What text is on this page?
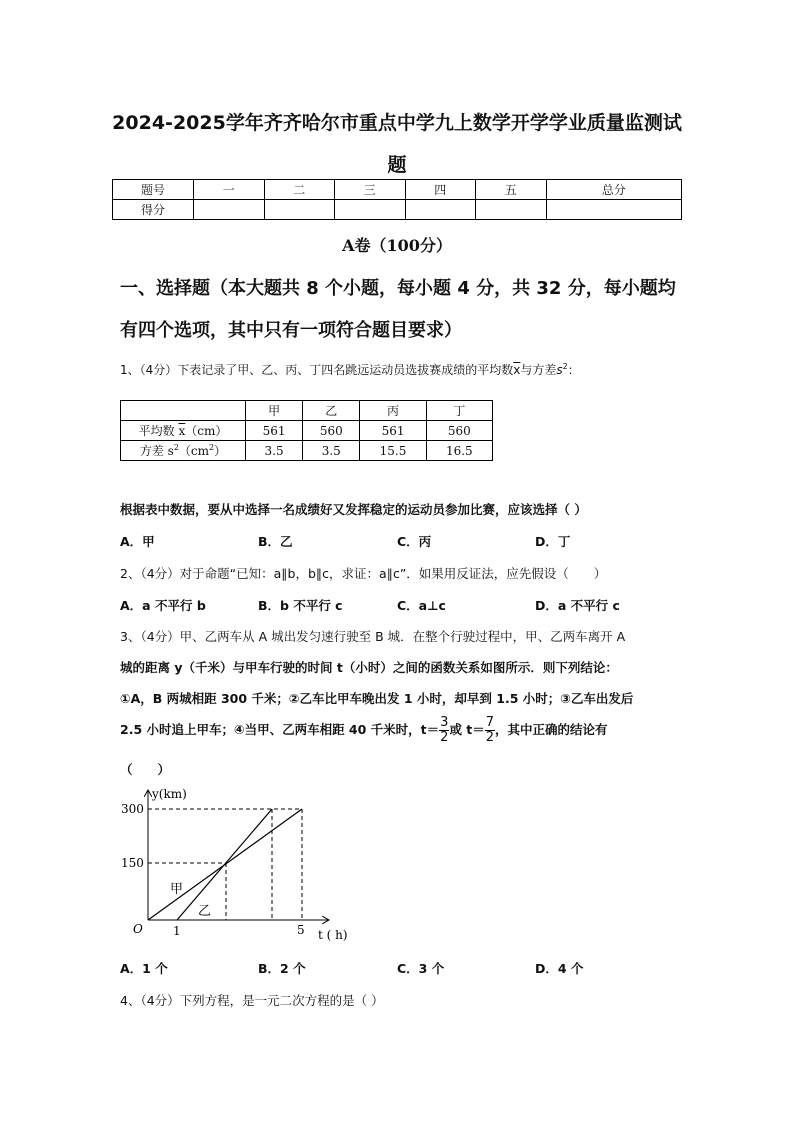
2024-2025学年齐齐哈尔市重点中学九上数学开学学业质量监测试
题
题号	一	二	三	四	五	总分
得分						
A卷（100分）
一、选择题（本大题共 8 个小题，每小题 4 分，共 32 分，每小题均
有四个选项，其中只有一项符合题目要求）
1、（4分）下表记录了甲、乙、丙、丁四名跳远运动员选拔赛成绩的平均数$\overline{x}$与方差$s^2$：
	甲	乙	丙	丁
平均数 $\overline{x}(cm)$	561	560	561	560
方差 $s^2(cm^2)$	3.5	3.5	15.5	16.5
根据表中数据，要从中选择一名成绩好又发挥稳定的运动员参加比赛，应该选择（ ）
A．甲	B．乙	C．丙	D．丁
2、（4分）对于命题“已知：a∥b，b∥c，求证：a∥c”．如果用反证法，应先假设（　　）
A．a 不平行 b	B．b 不平行 c	C．a⊥c	D．a 不平行 c
3、（4分）甲、乙两车从 A 城出发匀速行驶至 B 城．在整个行驶过程中，甲、乙两车离开 A
城的距离 y（千米）与甲车行驶的时间 t（小时）之间的函数关系如图所示．则下列结论：
①A，B 两城相距 300 千米；②乙车比甲车晚出发 1 小时，却早到 1.5 小时；③乙车出发后
2.5 小时追上甲车；④当甲、乙两车相距 40 千米时，$t= \frac{3}{2}$ 或 $t= \frac{7}{2}$ ，其中正确的结论有
（　　）
y(km)
t ( h)
O
300
150
1	5
甲
乙
A．1 个	B．2 个	C．3 个	D．4 个
4、（4分）下列方程，是一元二次方程的是（ ）
